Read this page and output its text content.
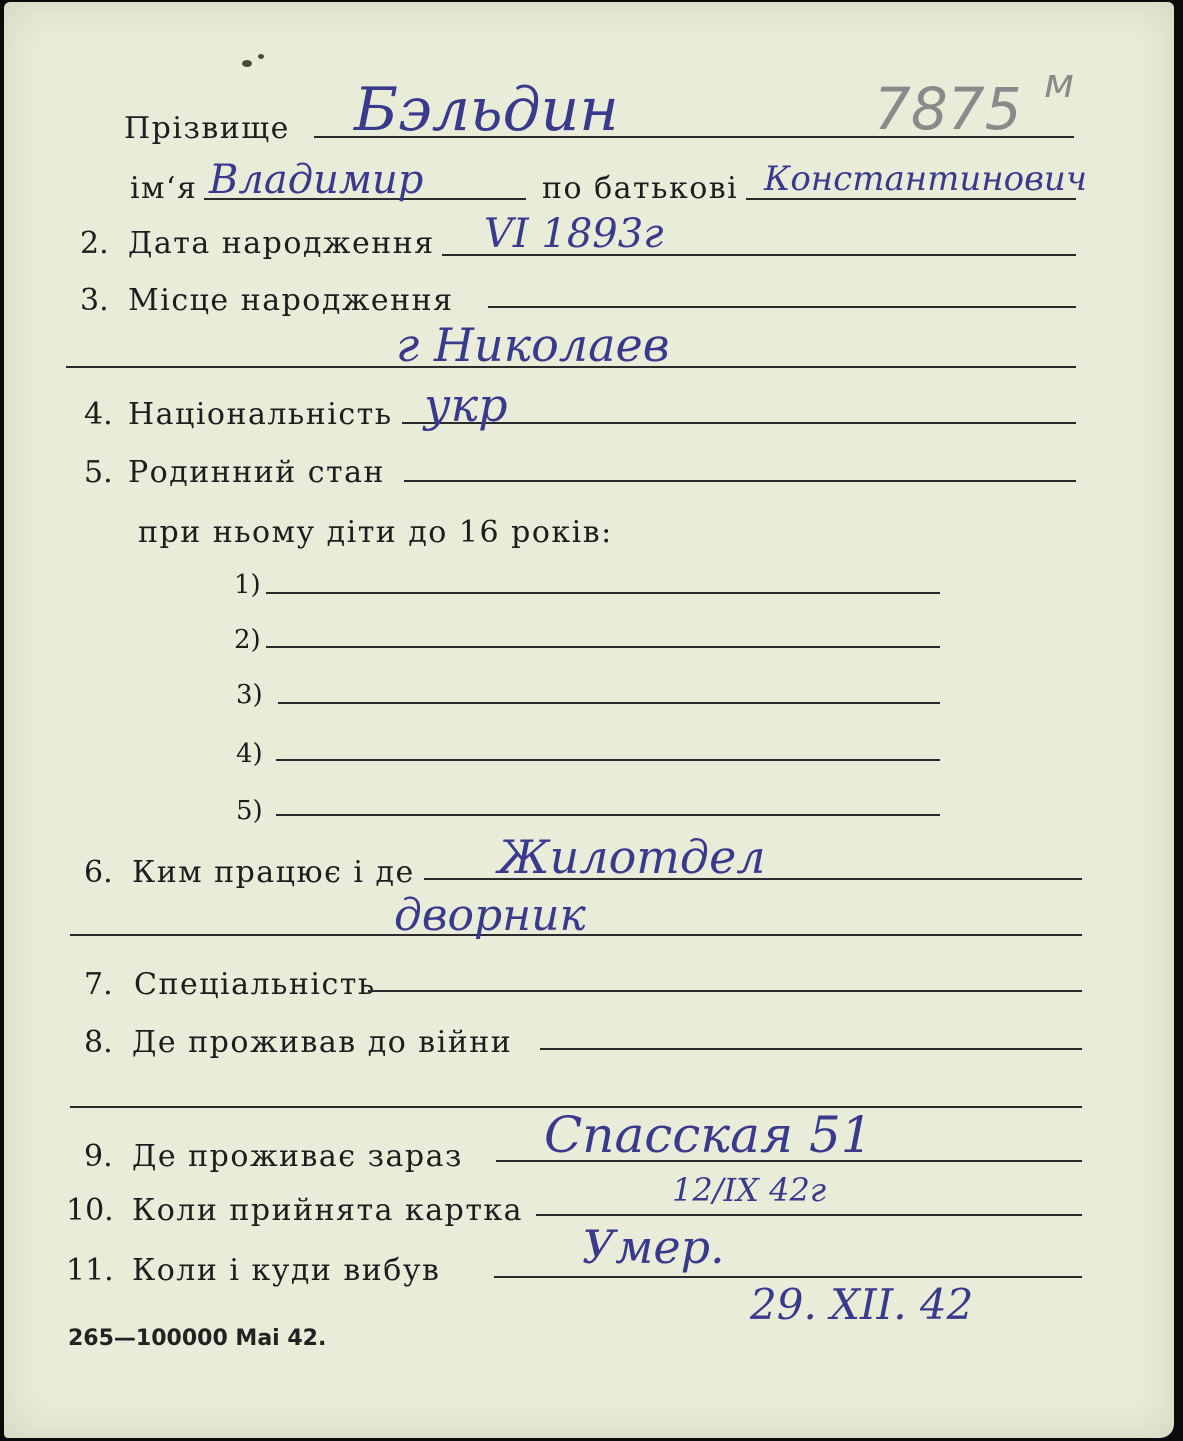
7875 м
Прізвище Бэльдин
ім‘я Владимир	по батькові Константинович
2. Дата народження VI 1893г
3. Місце народження
г Николаев
4. Національність укр
5. Родинний стан
при ньому діти до 16 років:
1)
2)
3)
4)
5)
6. Ким працює і де Жилотдел
дворник
7. Спеціальність
8. Де проживав до війни
9. Де проживає зараз Спасская 51
10. Коли прийнята картка
12/IX 42г
11. Коли і куди вибув	Умер.
29. XII. 42
265—100000 Mai 42.
